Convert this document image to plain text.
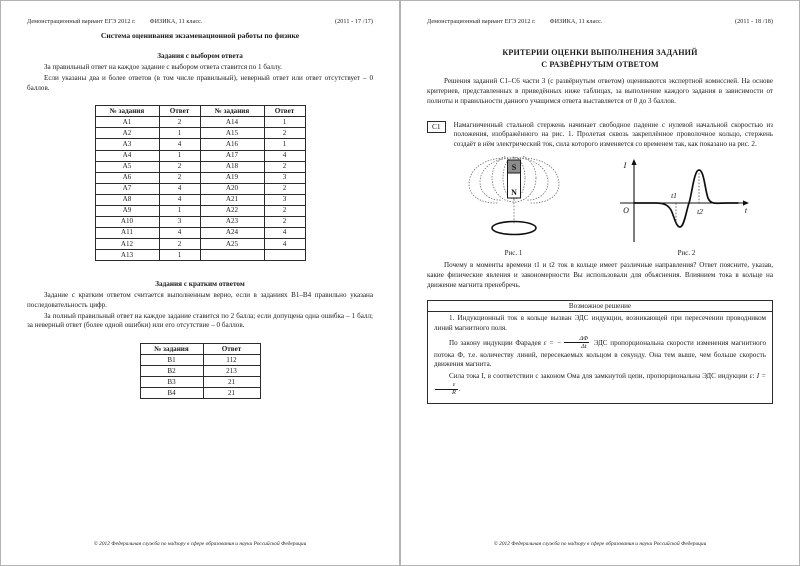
Демонстрационный вариант ЕГЭ 2012 г. ФИЗИКА, 11 класс.	(2011 - 17 /17)
Система оценивания экзаменационной работы по физике
Задания с выбором ответа

За правильный ответ на каждое задание с выбором ответа ставится по 1 баллу.

Если указаны два и более ответов (в том числе правильный), неверный ответ или ответ отсутствует – 0 баллов.

№ задания	Ответ	№ задания	Ответ
А1	2	А14	1
А2	1	А15	2
А3	4	А16	1
А4	1	А17	4
А5	2	А18	2
А6	2	А19	3
А7	4	А20	2
А8	4	А21	3
А9	1	А22	2
А10	3	А23	2
А11	4	А24	4
А12	2	А25	4
А13	1		
Задания с кратким ответом

Задание с кратким ответом считается выполненным верно, если в заданиях В1–В4 правильно указана последовательность цифр.

За полный правильный ответ на каждое задание ставится по 2 балла; если допущена одна ошибка – 1 балл; за неверный ответ (более одной ошибки) или его отсутствие – 0 баллов.

№ задания	Ответ
В1	112
В2	213
В3	21
В4	21
© 2012 Федеральная служба по надзору в сфере образования и науки Российской Федерации
Демонстрационный вариант ЕГЭ 2012 г. ФИЗИКА, 11 класс.	(2011 - 18 /18)
КРИТЕРИИ ОЦЕНКИ ВЫПОЛНЕНИЯ ЗАДАНИЙ
С РАЗВЁРНУТЫМ ОТВЕТОМ

Решения заданий С1–С6 части 3 (с развёрнутым ответом) оцениваются экспертной комиссией. На основе критериев, представленных в приведённых ниже таблицах, за выполнение каждого задания в зависимости от полноты и правильности данного учащимся ответа выставляется от 0 до 3 баллов.

С1	Намагниченный стальной стержень начинает свободное падение с нулевой начальной скоростью из положения, изображённого на рис. 1. Пролетая сквозь закреплённое проволочное кольцо, стержень создаёт в нём электрический ток, сила которого изменяется со временем так, как показано на рис. 2.
S
N
Рис. 1
I
O	t
t1
t2
Рис. 2

Почему в моменты времени t1 и t2 ток в кольце имеет различные направления? Ответ поясните, указав, какие физические явления и закономерности Вы использовали для объяснения. Влиянием тока в кольце на движение магнита пренебречь.

Возможное решение

1. Индукционный ток в кольце вызван ЭДС индукции, возникающей при пересечении проводником линий магнитного поля.

По закону индукции Фарадея ε = − $\frac{\Delta\Phi}{\Delta t}$ ЭДС пропорциональна скорости изменения магнитного потока Ф, т.е. количеству линий, пересекаемых кольцом в секунду. Она тем выше, чем больше скорость движения магнита.

Сила тока I, в соответствии с законом Ома для замкнутой цепи, пропорциональна ЭДС индукции ε: I =
$\frac{\varepsilon}{R}$ .

© 2012 Федеральная служба по надзору в сфере образования и науки Российской Федерации
